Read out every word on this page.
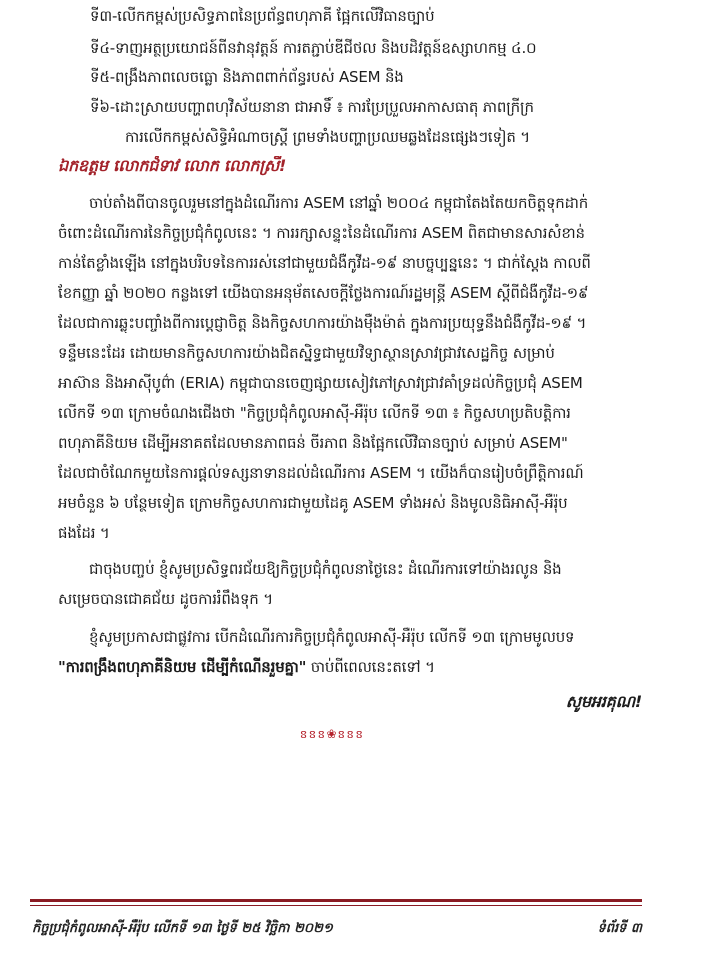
ទី៣-លើកកម្ពស់ប្រសិទ្ធភាពនៃប្រព័ន្ធពហុភាគី ផ្អែកលើវិធានច្បាប់
ទី៤-ទាញអត្ថប្រយោជន៍ពីនវានុវត្តន៍ ការតភ្ជាប់ឌីជីថល និងបដិវត្តន៍ឧស្សាហកម្ម ៤.០
ទី៥-ពង្រឹងភាពលេចធ្លោ និងភាពពាក់ព័ន្ធរបស់ ASEM និង
ទី៦-ដោះស្រាយបញ្ហាពហុវិស័យនានា ជាអាទិ៍ ៖ ការប្រែប្រួលអាកាសធាតុ ភាពក្រីក្រ
ការលើកកម្ពស់សិទ្ធិអំណាចស្ត្រី ព្រមទាំងបញ្ហាប្រឈមឆ្លងដែនផ្សេងៗទៀត ។
ឯកឧត្តម លោកជំទាវ លោក លោកស្រី!
ចាប់តាំងពីបានចូលរួមនៅក្នុងដំណើរការ ASEM នៅឆ្នាំ ២០០៤ កម្ពុជាតែងតែយកចិត្តទុកដាក់
ចំពោះដំណើរការនៃកិច្ចប្រជុំកំពូលនេះ ។ ការរក្សាសន្ទុះនៃដំណើរការ ASEM ពិតជាមានសារសំខាន់
កាន់តែខ្លាំងឡើង នៅក្នុងបរិបទនៃការរស់នៅជាមួយជំងឺកូវីដ-១៩ នាបច្ចុប្បន្ននេះ ។ ជាក់ស្តែង កាលពី
ខែកញ្ញា ឆ្នាំ ២០២០ កន្លងទៅ យើងបានអនុម័តសេចក្តីថ្លែងការណ៍រដ្ឋមន្ត្រី ASEM ស្តីពីជំងឺកូវីដ-១៩
ដែលជាការឆ្លុះបញ្ចាំងពីការប្តេជ្ញាចិត្ត និងកិច្ចសហការយ៉ាងម៉ឺងម៉ាត់ ក្នុងការប្រយុទ្ធនឹងជំងឺកូវីដ-១៩ ។
ទន្ទឹមនេះដែរ ដោយមានកិច្ចសហការយ៉ាងជិតស្និទ្ធជាមួយវិទ្យាស្ថានស្រាវជ្រាវសេដ្ឋកិច្ច សម្រាប់
អាស៊ាន និងអាស៊ីបូព៌ា (ERIA) កម្ពុជាបានចេញផ្សាយសៀវភៅស្រាវជ្រាវគាំទ្រដល់កិច្ចប្រជុំ ASEM
លើកទី ១៣ ក្រោមចំណងជើងថា "កិច្ចប្រជុំកំពូលអាស៊ី-អឺរ៉ុប លើកទី ១៣ ៖ កិច្ចសហប្រតិបត្តិការ
ពហុភាគីនិយម ដើម្បីអនាគតដែលមានភាពធន់ ចីរភាព និងផ្អែកលើវិធានច្បាប់ សម្រាប់ ASEM"
ដែលជាចំណែកមួយនៃការផ្តល់ទស្សនាទានដល់ដំណើរការ ASEM ។ យើងក៏បានរៀបចំព្រឹត្តិការណ៍
អមចំនួន ៦ បន្ថែមទៀត ក្រោមកិច្ចសហការជាមួយដៃគូ ASEM ទាំងអស់ និងមូលនិធិអាស៊ី-អឺរ៉ុប
ផងដែរ ។
ជាចុងបញ្ចប់ ខ្ញុំសូមប្រសិទ្ធពរជ័យឱ្យកិច្ចប្រជុំកំពូលនាថ្ងៃនេះ ដំណើរការទៅយ៉ាងរលូន និង
សម្រេចបានជោគជ័យ ដូចការរំពឹងទុក ។
ខ្ញុំសូមប្រកាសជាផ្លូវការ បើកដំណើរការកិច្ចប្រជុំកំពូលអាស៊ី-អឺរ៉ុប លើកទី ១៣ ក្រោមមូលបទ
"ការពង្រឹងពហុភាគីនិយម ដើម្បីកំណើនរួមគ្នា" ចាប់ពីពេលនេះតទៅ ។
សូមអរគុណ!
ៜៜៜ❀ៜៜៜ
កិច្ចប្រជុំកំពូលអាស៊ី-អឺរ៉ុប លើកទី ១៣ ថ្ងៃទី ២៥ វិច្ឆិកា ២០២១	ទំព័រទី ៣
